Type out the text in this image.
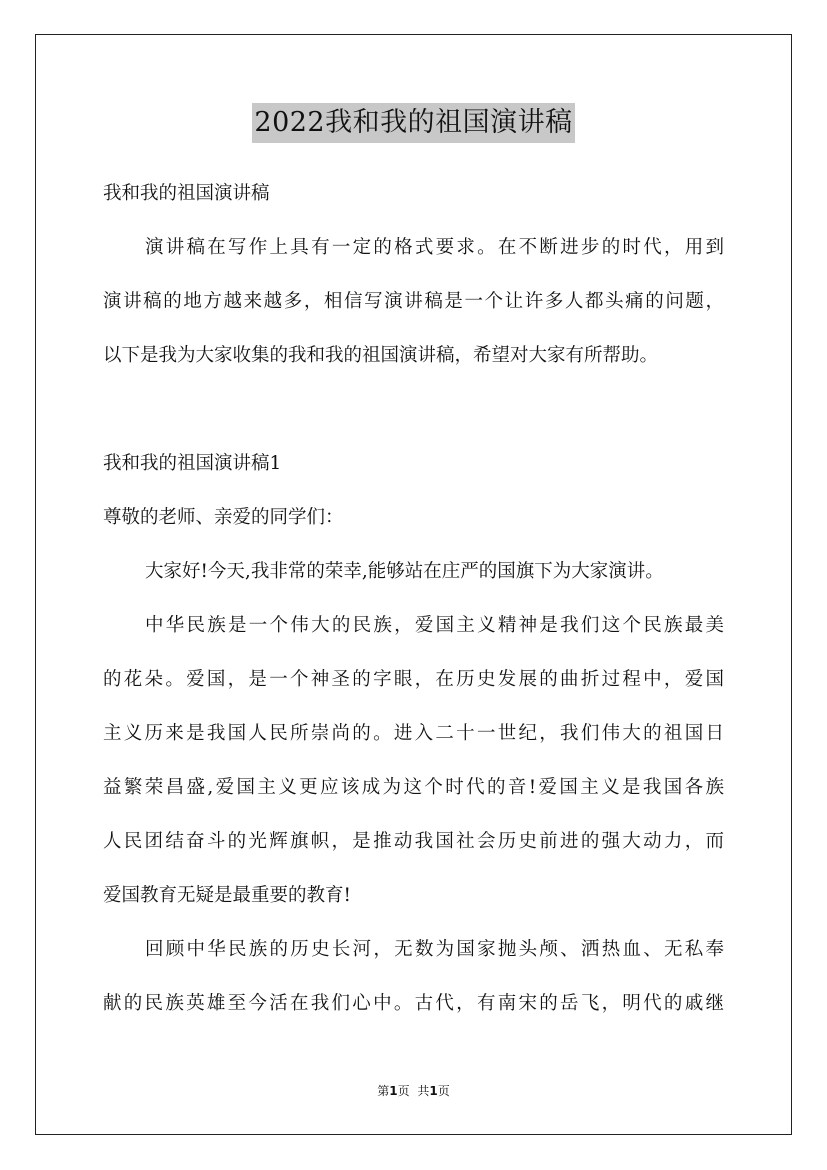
2022我和我的祖国演讲稿
我和我的祖国演讲稿
演讲稿在写作上具有一定的格式要求。在不断进步的时代，用到
演讲稿的地方越来越多，相信写演讲稿是一个让许多人都头痛的问题，
以下是我为大家收集的我和我的祖国演讲稿，希望对大家有所帮助。
我和我的祖国演讲稿1
尊敬的老师、亲爱的同学们：
大家好!今天,我非常的荣幸,能够站在庄严的国旗下为大家演讲。
中华民族是一个伟大的民族，爱国主义精神是我们这个民族最美
的花朵。爱国，是一个神圣的字眼，在历史发展的曲折过程中，爱国
主义历来是我国人民所崇尚的。进入二十一世纪，我们伟大的祖国日
益繁荣昌盛,爱国主义更应该成为这个时代的音!爱国主义是我国各族
人民团结奋斗的光辉旗帜，是推动我国社会历史前进的强大动力，而
爱国教育无疑是最重要的教育!
回顾中华民族的历史长河，无数为国家抛头颅、洒热血、无私奉
献的民族英雄至今活在我们心中。古代，有南宋的岳飞，明代的戚继
第1页 共1页
